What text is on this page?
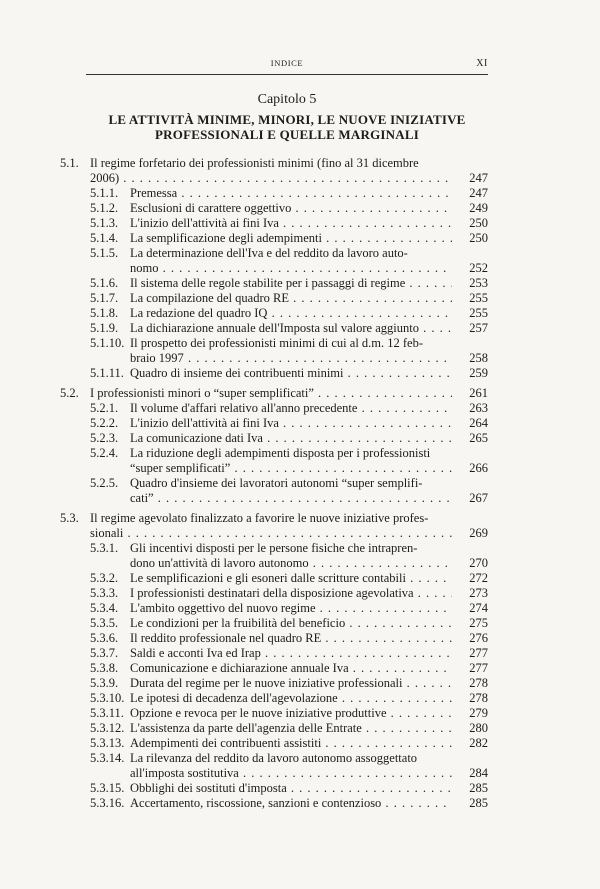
INDICE	XI
Capitolo 5
LE ATTIVITÀ MINIME, MINORI, LE NUOVE INIZIATIVE
PROFESSIONALI E QUELLE MARGINALI
5.1. Il regime forfetario dei professionisti minimi (fino al 31 dicembre
2006) . . .	247
5.1.1. Premessa . . .	247
5.1.2. Esclusioni di carattere oggettivo . . .	249
5.1.3. L'inizio dell'attività ai fini Iva . . .	250
5.1.4. La semplificazione degli adempimenti . . .	250
5.1.5. La determinazione dell'Iva e del reddito da lavoro auto-
nomo . . .	252
5.1.6. Il sistema delle regole stabilite per i passaggi di regime . . .	253
5.1.7. La compilazione del quadro RE . . .	255
5.1.8. La redazione del quadro IQ . . .	255
5.1.9. La dichiarazione annuale dell'Imposta sul valore aggiunto . . .	257
5.1.10. Il prospetto dei professionisti minimi di cui al d.m. 12 feb-
braio 1997 . . .	258
5.1.11. Quadro di insieme dei contribuenti minimi . . .	259
5.2. I professionisti minori o “super semplificati” . . .	261
5.2.1. Il volume d'affari relativo all'anno precedente . . .	263
5.2.2. L'inizio dell'attività ai fini Iva . . .	264
5.2.3. La comunicazione dati Iva . . .	265
5.2.4. La riduzione degli adempimenti disposta per i professionisti
“super semplificati” . . .	266
5.2.5. Quadro d'insieme dei lavoratori autonomi “super semplifi-
cati” . . .	267
5.3. Il regime agevolato finalizzato a favorire le nuove iniziative profes-
sionali . . .	269
5.3.1. Gli incentivi disposti per le persone fisiche che intrapren-
dono un'attività di lavoro autonomo . . .	270
5.3.2. Le semplificazioni e gli esoneri dalle scritture contabili . . .	272
5.3.3. I professionisti destinatari della disposizione agevolativa . . .	273
5.3.4. L'ambito oggettivo del nuovo regime . . .	274
5.3.5. Le condizioni per la fruibilità del beneficio . . .	275
5.3.6. Il reddito professionale nel quadro RE . . .	276
5.3.7. Saldi e acconti Iva ed Irap . . .	277
5.3.8. Comunicazione e dichiarazione annuale Iva . . .	277
5.3.9. Durata del regime per le nuove iniziative professionali . . .	278
5.3.10. Le ipotesi di decadenza dell'agevolazione . . .	278
5.3.11. Opzione e revoca per le nuove iniziative produttive . . .	279
5.3.12. L'assistenza da parte dell'agenzia delle Entrate . . .	280
5.3.13. Adempimenti dei contribuenti assistiti . . .	282
5.3.14. La rilevanza del reddito da lavoro autonomo assoggettato
all'imposta sostitutiva . . .	284
5.3.15. Obblighi dei sostituti d'imposta . . .	285
5.3.16. Accertamento, riscossione, sanzioni e contenzioso . . .	285
